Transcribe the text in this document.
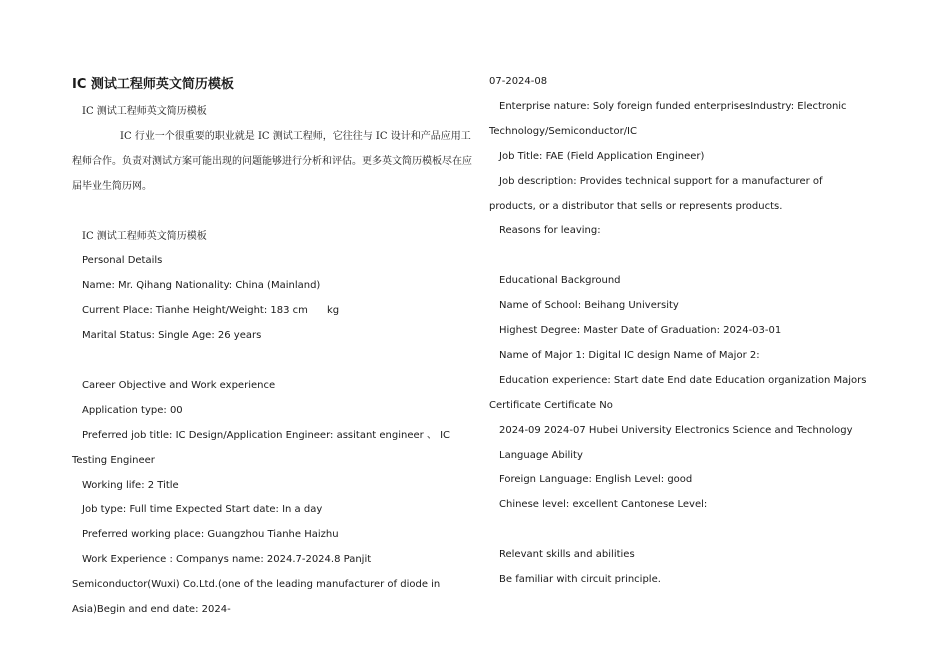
IC 测试工程师英文简历模板
IC 测试工程师英文简历模板
IC 行业一个很重要的职业就是 IC 测试工程师，它往往与 IC 设计和产品应用工程师合作。负责对测试方案可能出现的问题能够进行分析和评估。更多英文简历模板尽在应届毕业生简历网。
IC 测试工程师英文简历模板
Personal Details
Name: Mr. Qihang Nationality: China (Mainland)
Current Place: Tianhe Height/Weight: 183 cm      kg
Marital Status: Single Age: 26 years
Career Objective and Work experience
Application type: 00
Preferred job title: IC Design/Application Engineer: assitant engineer 、 IC Testing Engineer
Working life: 2 Title
Job type: Full time Expected Start date: In a day
Preferred working place: Guangzhou Tianhe Haizhu
Work Experience : Companys name: 2024.7-2024.8 Panjit Semiconductor(Wuxi) Co.Ltd.(one of the leading manufacturer of diode in Asia)Begin and end date: 2024-
07-2024-08
Enterprise nature: Soly foreign funded enterprisesIndustry: Electronic Technology/Semiconductor/IC
Job Title: FAE (Field Application Engineer)
Job description: Provides technical support for a manufacturer of products, or a distributor that sells or represents products.
Reasons for leaving:
Educational Background
Name of School: Beihang University
Highest Degree: Master Date of Graduation: 2024-03-01
Name of Major 1: Digital IC design Name of Major 2:
Education experience: Start date End date Education organization Majors Certificate Certificate No
2024-09 2024-07 Hubei University Electronics Science and Technology
Language Ability
Foreign Language: English Level: good
Chinese level: excellent Cantonese Level:
Relevant skills and abilities
Be familiar with circuit principle.
